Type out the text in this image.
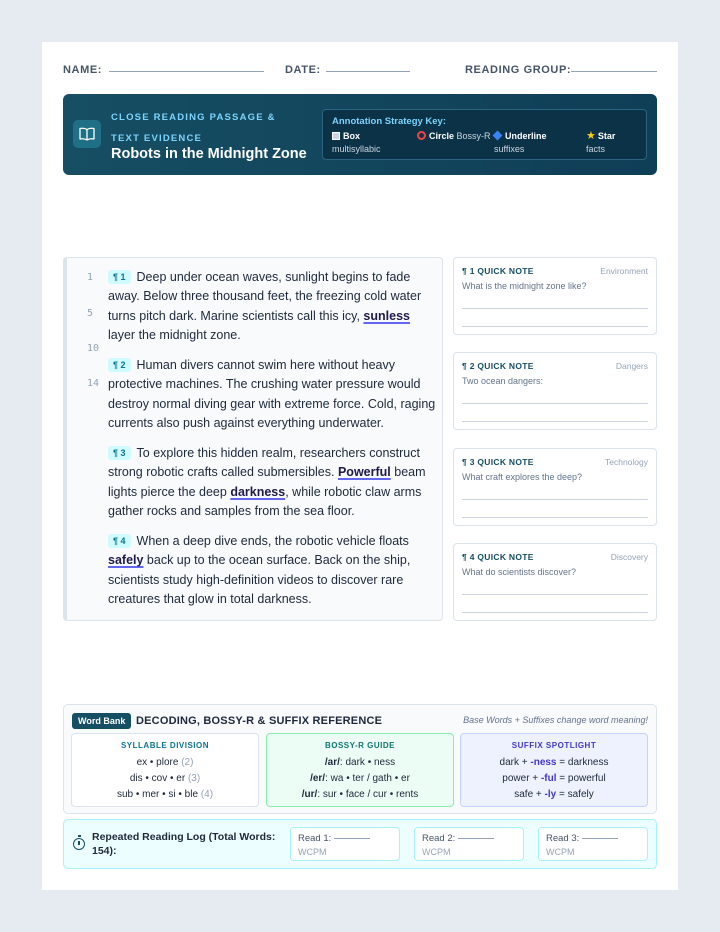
NAME:	DATE:	READING GROUP:
CLOSE READING PASSAGE & TEXT EVIDENCE
Robots in the Midnight Zone
Annotation Strategy Key:
Box
multisyllabic
Circle Bossy-R	Underline
suffixes
★ Star
facts
1
5
10
14
¶ 1 Deep under ocean waves, sunlight begins to fade away. Below three thousand feet, the freezing cold water turns pitch dark. Marine scientists call this icy, sunless layer the midnight zone.
¶ 2 Human divers cannot swim here without heavy protective machines. The crushing water pressure would destroy normal diving gear with extreme force. Cold, raging currents also push against everything underwater.
¶ 3 To explore this hidden realm, researchers construct strong robotic crafts called submersibles. Powerful beam lights pierce the deep darkness, while robotic claw arms gather rocks and samples from the sea floor.
¶ 4 When a deep dive ends, the robotic vehicle floats safely back up to the ocean surface. Back on the ship, scientists study high-definition videos to discover rare creatures that glow in total darkness.
¶ 1 QUICK NOTE	Environment
What is the midnight zone like?
¶ 2 QUICK NOTE	Dangers
Two ocean dangers:
¶ 3 QUICK NOTE	Technology
What craft explores the deep?
¶ 4 QUICK NOTE	Discovery
What do scientists discover?
Word Bank DECODING, BOSSY-R & SUFFIX REFERENCE	Base Words + Suffixes change word meaning!
SYLLABLE DIVISION
ex • plore (2)
dis • cov • er (3)
sub • mer • si • ble (4)
BOSSY-R GUIDE
/ar/: dark • ness
/er/: wa • ter / gath • er
/ur/: sur • face / cur • rents
SUFFIX SPOTLIGHT
dark + -ness = darkness
power + -ful = powerful
safe + -ly = safely
Repeated Reading Log (Total Words: 154):
Read 1:
WCPM
Read 2:
WCPM
Read 3:
WCPM
